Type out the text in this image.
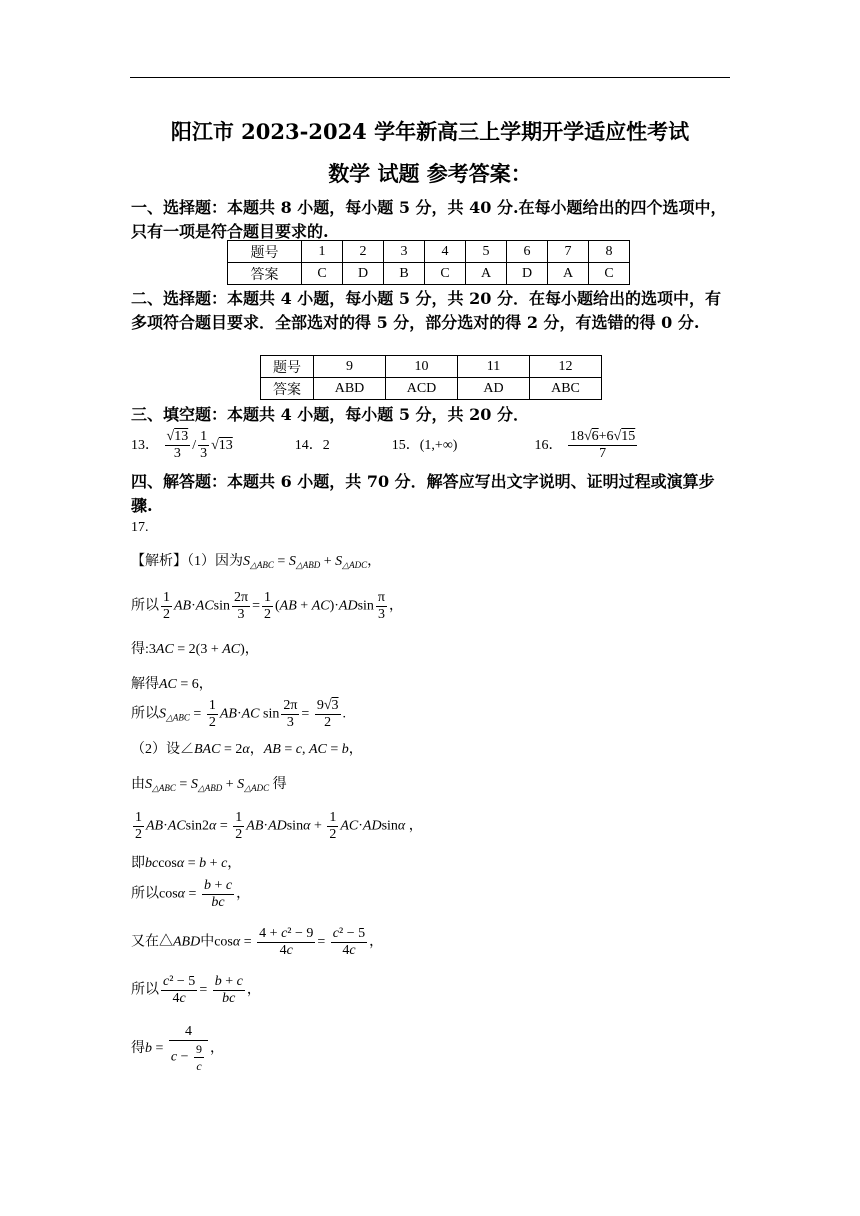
阳江市 2023-2024 学年新高三上学期开学适应性考试
数学 试题 参考答案：
一、选择题：本题共 8 小题，每小题 5 分，共 40 分.在每小题给出的四个选项中，只有一项是符合题目要求的.
题号	1	2	3	4	5	6	7	8
答案	C	D	B	C	A	D	A	C
二、选择题：本题共 4 小题，每小题 5 分，共 20 分．在每小题给出的选项中，有多项符合题目要求．全部选对的得 5 分，部分选对的得 2 分，有选错的得 0 分.
题号	9	10	11	12
答案	ABD	ACD	AD	ABC
三、填空题：本题共 4 小题，每小题 5 分，共 20 分．
13． $\frac{√13}{3} / \frac{1}{3} √13$	14．2	15．(1,+∞)	16． $\frac{18√6+6√15}{7}$
四、解答题：本题共 6 小题，共 70 分．解答应写出文字说明、证明过程或演算步骤.
17.
【解析】（1）因为$S_{\triangle ABC} = S_{\triangle ABD} + S_{\triangle ADC}$，
所以 $\frac{1}{2} AB\cdot ACsin \frac{2\pi}{3} = \frac{1}{2} (AB + AC)\cdot ADsin \frac{\pi}{3}$ ，
得:3AC = 2(3 + AC)，
解得AC = 6，
所以$S_{\triangle ABC} = \frac{1}{2} AB\cdot AC$ $\sin \frac{2\pi}{3} = \frac{9√3}{2}$ .
（2）设∠BAC = 2α，AB = c, AC = b，
由$S_{\triangle ABC} = S_{\triangle ABD} + S_{\triangle ADC}$ 得
$\frac{1}{2} AB\cdot ACsin2\alpha = \frac{1}{2} AB\cdot ADsin\alpha + \frac{1}{2} AC\cdot ADsin\alpha$ ，
即bccosα = b + c，
所以$\cos\alpha = \frac{b + c}{bc}$ ，
又在△ABD中$\cos\alpha = \frac{\text{4 + c² − 9}}{4c} = \frac{\text{c² − 5}}{4c}$ ，
所以 $\frac{\text{c² − 5}}{4c} = \frac{b + c}{bc}$ ，
得$b = \frac{4}{c - \frac{9}{c}}$ ，
